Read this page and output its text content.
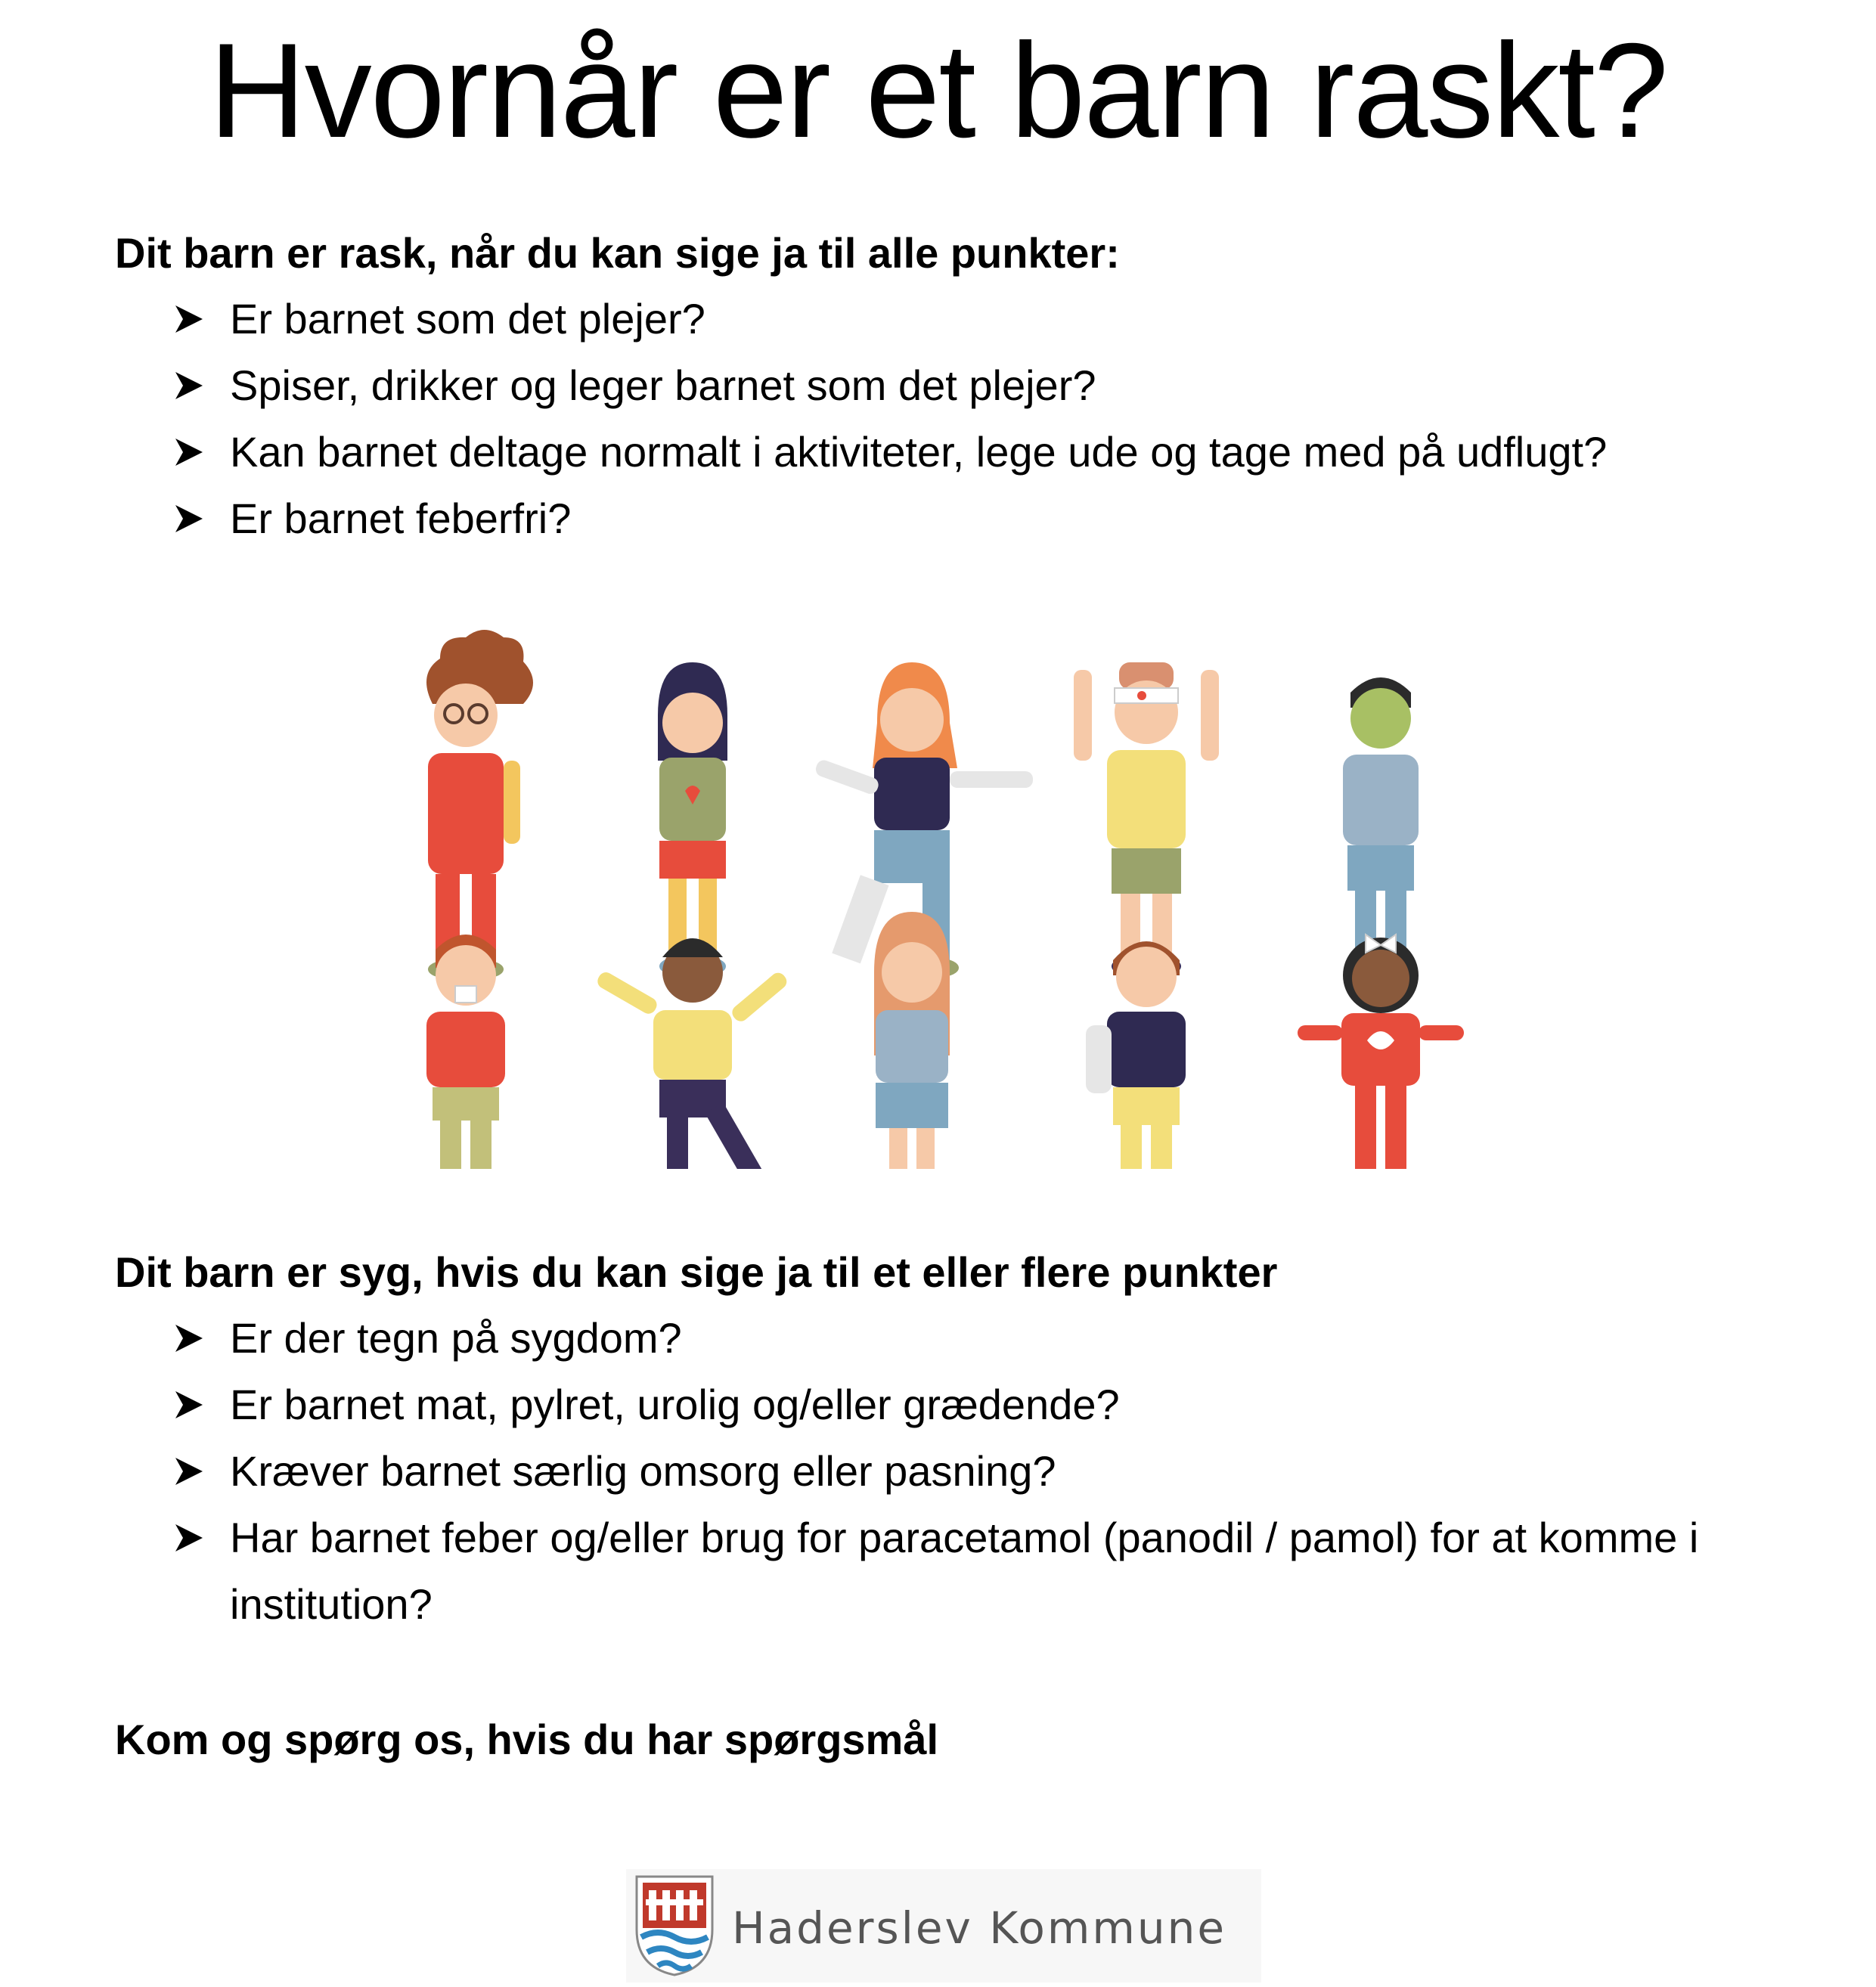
Hvornår er et barn raskt?

Dit barn er rask, når du kan sige ja til alle punkter:

Er barnet som det plejer?
Spiser, drikker og leger barnet som det plejer?
Kan barnet deltage normalt i aktiviteter, lege ude og tage med på udflugt?
Er barnet feberfri?

Dit barn er syg, hvis du kan sige ja til et eller flere punkter

Er der tegn på sygdom?
Er barnet mat, pylret, urolig og/eller grædende?
Kræver barnet særlig omsorg eller pasning?
Har barnet feber og/eller brug for paracetamol (panodil / pamol) for at komme i institution?

Kom og spørg os, hvis du har spørgsmål

Haderslev Kommune
